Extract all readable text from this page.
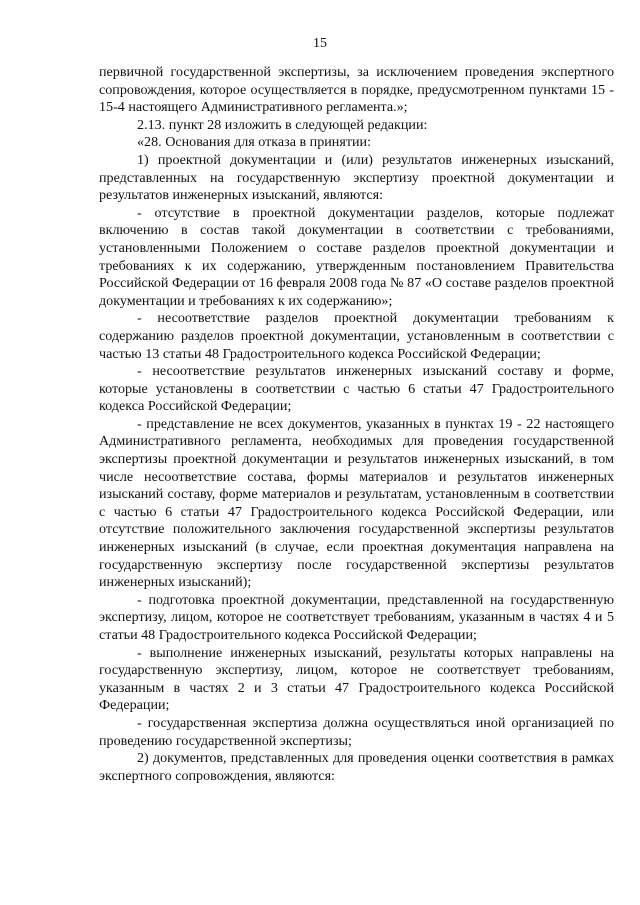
15

первичной государственной экспертизы, за исключением проведения экспертного сопровождения, которое осуществляется в порядке, предусмотренном пунктами 15 - 15-4 настоящего Административного регламента.»;

2.13. пункт 28 изложить в следующей редакции:

«28. Основания для отказа в принятии:

1) проектной документации и (или) результатов инженерных изысканий, представленных на государственную экспертизу проектной документации и результатов инженерных изысканий, являются:

- отсутствие в проектной документации разделов, которые подлежат включению в состав такой документации в соответствии с требованиями, установленными Положением о составе разделов проектной документации и требованиях к их содержанию, утвержденным постановлением Правительства Российской Федерации от 16 февраля 2008 года № 87 «О составе разделов проектной документации и требованиях к их содержанию»;

- несоответствие разделов проектной документации требованиям к содержанию разделов проектной документации, установленным в соответствии с частью 13 статьи 48 Градостроительного кодекса Российской Федерации;

- несоответствие результатов инженерных изысканий составу и форме, которые установлены в соответствии с частью 6 статьи 47 Градостроительного кодекса Российской Федерации;

- представление не всех документов, указанных в пунктах 19 - 22 настоящего Административного регламента, необходимых для проведения государственной экспертизы проектной документации и результатов инженерных изысканий, в том числе несоответствие состава, формы материалов и результатов инженерных изысканий составу, форме материалов и результатам, установленным в соответствии с частью 6 статьи 47 Градостроительного кодекса Российской Федерации, или отсутствие положительного заключения государственной экспертизы результатов инженерных изысканий (в случае, если проектная документация направлена на государственную экспертизу после государственной экспертизы результатов инженерных изысканий);

- подготовка проектной документации, представленной на государственную экспертизу, лицом, которое не соответствует требованиям, указанным в частях 4 и 5 статьи 48 Градостроительного кодекса Российской Федерации;

- выполнение инженерных изысканий, результаты которых направлены на государственную экспертизу, лицом, которое не соответствует требованиям, указанным в частях 2 и 3 статьи 47 Градостроительного кодекса Российской Федерации;

- государственная экспертиза должна осуществляться иной организацией по проведению государственной экспертизы;

2) документов, представленных для проведения оценки соответствия в рамках экспертного сопровождения, являются:
